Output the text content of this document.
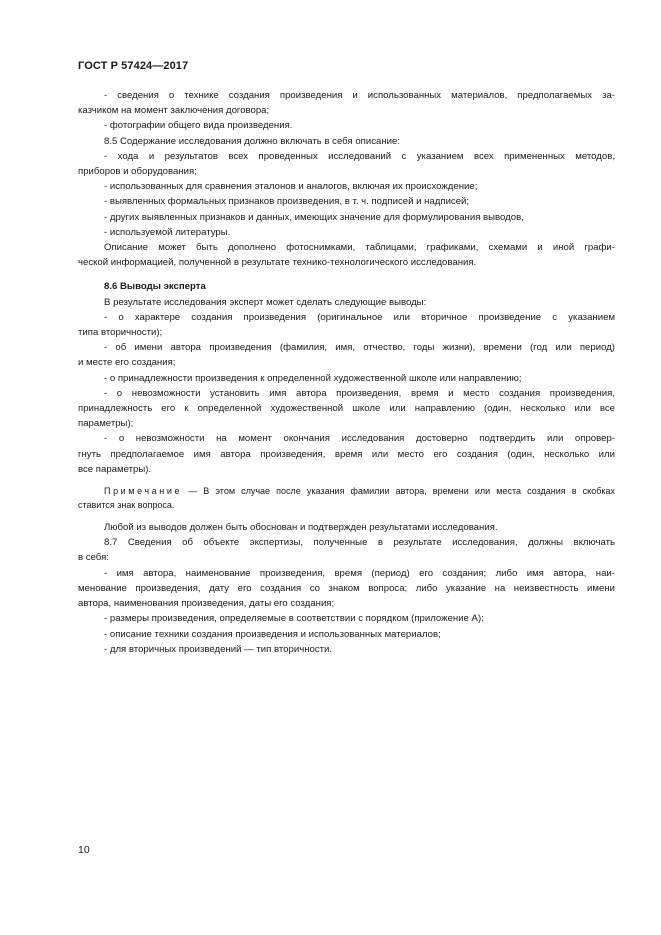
ГОСТ Р 57424—2017
- сведения о технике создания произведения и использованных материалов, предполагаемых за-
казчиком на момент заключения договора;
- фотографии общего вида произведения.
8.5 Содержание исследования должно включать в себя описание:
- хода и результатов всех проведенных исследований с указанием всех примененных методов,
приборов и оборудования;
- использованных для сравнения эталонов и аналогов, включая их происхождение;
- выявленных формальных признаков произведения, в т. ч. подписей и надписей;
- других выявленных признаков и данных, имеющих значение для формулирования выводов,
- используемой литературы.
Описание может быть дополнено фотоснимками, таблицами, графиками, схемами и иной графи-
ческой информацией, полученной в результате технико-технологического исследования.
8.6 Выводы эксперта
В результате исследования эксперт может сделать следующие выводы:
- о характере создания произведения (оригинальное или вторичное произведение с указанием
типа вторичности);
- об имени автора произведения (фамилия, имя, отчество, годы жизни), времени (год или период)
и месте его создания;
- о принадлежности произведения к определенной художественной школе или направлению;
- о невозможности установить имя автора произведения, время и место создания произведения,
принадлежность его к определенной художественной школе или направлению (один, несколько или все
параметры);
- о невозможности на момент окончания исследования достоверно подтвердить или опровер-
гнуть предполагаемое имя автора произведения, время или место его создания (один, несколько или
все параметры).
Примечание — В этом случае после указания фамилии автора, времени или места создания в скобках
ставится знак вопроса.
Любой из выводов должен быть обоснован и подтвержден результатами исследования.
8.7 Сведения об объекте экспертизы, полученные в результате исследования, должны включать
в себя:
- имя автора, наименование произведения, время (период) его создания; либо имя автора, наи-
менование произведения, дату его создания со знаком вопроса; либо указание на неизвестность имени
автора, наименования произведения, даты его создания;
- размеры произведения, определяемые в соответствии с порядком (приложение А);
- описание техники создания произведения и использованных материалов;
- для вторичных произведений — тип вторичности.
10
